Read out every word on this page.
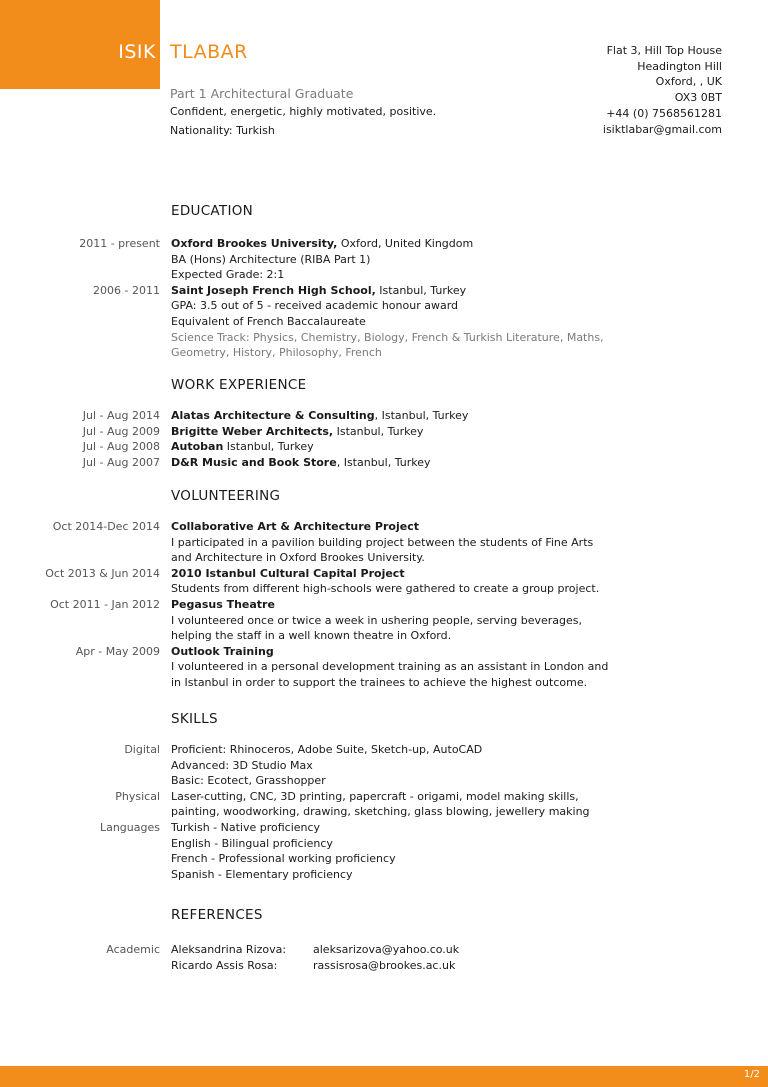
1/2
ISIK TLABAR
Part 1 Architectural Graduate
Confident, energetic, highly motivated, positive.
Nationality: Turkish
Flat 3, Hill Top House
Headington Hill
Oxford, , UK
OX3 0BT
+44 (0) 7568561281
isiktlabar@gmail.com
EDUCATION
2011 - present Oxford Brookes University, Oxford, United Kingdom
BA (Hons) Architecture (RIBA Part 1)
Expected Grade: 2:1
2006 - 2011 Saint Joseph French High School, Istanbul, Turkey
GPA: 3.5 out of 5 - received academic honour award
Equivalent of French Baccalaureate
Science Track: Physics, Chemistry, Biology, French & Turkish Literature, Maths,
Geometry, History, Philosophy, French
WORK EXPERIENCE
Jul - Aug 2014 Alatas Architecture & Consulting, Istanbul, Turkey
Jul - Aug 2009 Brigitte Weber Architects, Istanbul, Turkey
Jul - Aug 2008 Autoban Istanbul, Turkey
Jul - Aug 2007 D&R Music and Book Store, Istanbul, Turkey
VOLUNTEERING
Oct 2014-Dec 2014 Collaborative Art & Architecture Project
I participated in a pavilion building project between the students of Fine Arts
and Architecture in Oxford Brookes University.
Oct 2013 & Jun 2014 2010 Istanbul Cultural Capital Project
Students from different high-schools were gathered to create a group project.
Oct 2011 - Jan 2012 Pegasus Theatre
I volunteered once or twice a week in ushering people, serving beverages,
helping the staff in a well known theatre in Oxford.
Apr - May 2009 Outlook Training
I volunteered in a personal development training as an assistant in London and
in Istanbul in order to support the trainees to achieve the highest outcome.
SKILLS
Digital Proficient: Rhinoceros, Adobe Suite, Sketch-up, AutoCAD
Advanced: 3D Studio Max
Basic: Ecotect, Grasshopper
Physical Laser-cutting, CNC, 3D printing, papercraft - origami, model making skills,
painting, woodworking, drawing, sketching, glass blowing, jewellery making
Languages Turkish - Native proficiency
English - Bilingual proficiency
French - Professional working proficiency
Spanish - Elementary proficiency
REFERENCES
Academic Aleksandrina Rizova: aleksarizova@yahoo.co.uk
Ricardo Assis Rosa:	rassisrosa@brookes.ac.uk
